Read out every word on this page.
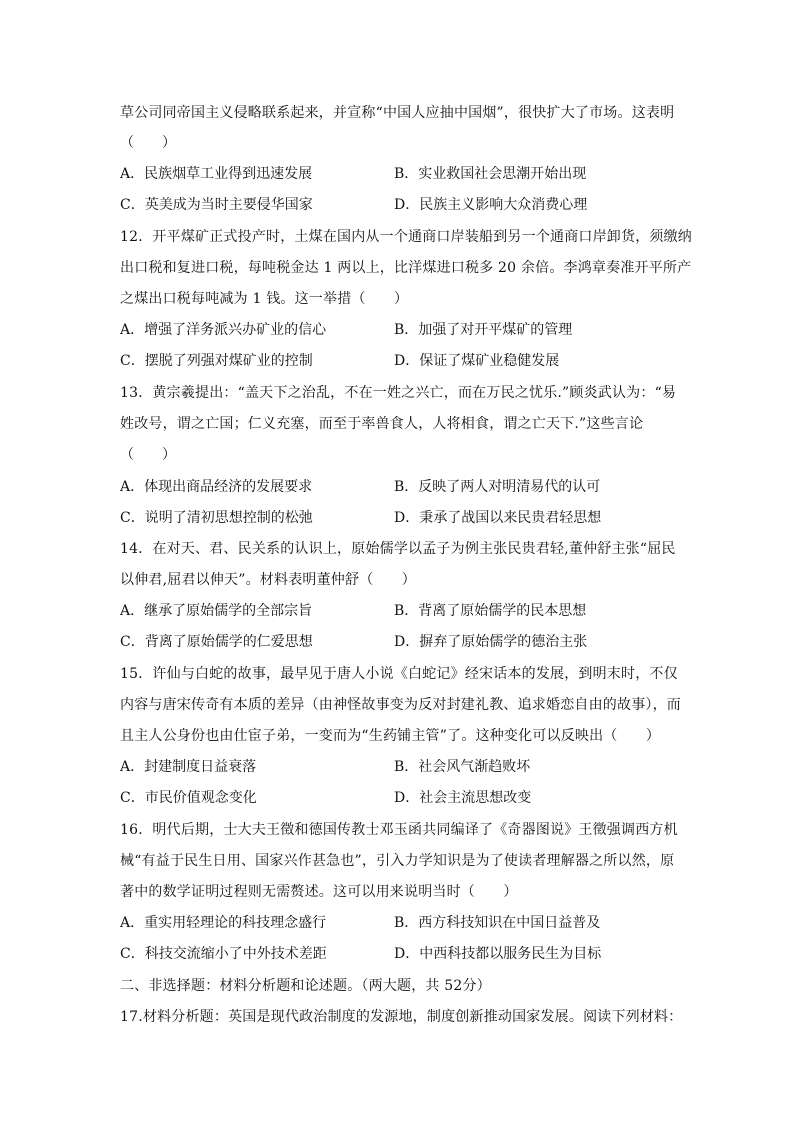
草公司同帝国主义侵略联系起来，并宣称“中国人应抽中国烟”，很快扩大了市场。这表明
（　　）
A．民族烟草工业得到迅速发展	B．实业救国社会思潮开始出现
C．英美成为当时主要侵华国家	D．民族主义影响大众消费心理
12．开平煤矿正式投产时，土煤在国内从一个通商口岸装船到另一个通商口岸卸货，须缴纳
出口税和复进口税，每吨税金达 1 两以上，比洋煤进口税多 20 余倍。李鸿章奏准开平所产
之煤出口税每吨减为 1 钱。这一举措（　　）
A．增强了洋务派兴办矿业的信心	B．加强了对开平煤矿的管理
C．摆脱了列强对煤矿业的控制	D．保证了煤矿业稳健发展
13．黄宗羲提出：“盖天下之治乱，不在一姓之兴亡，而在万民之忧乐.”顾炎武认为：“易
姓改号，谓之亡国；仁义充塞，而至于率兽食人，人将相食，谓之亡天下.”这些言论
（　　）
A．体现出商品经济的发展要求	B．反映了两人对明清易代的认可
C．说明了清初思想控制的松弛	D．秉承了战国以来民贵君轻思想
14．在对天、君、民关系的认识上，原始儒学以孟子为例主张民贵君轻,董仲舒主张“屈民
以伸君,屈君以伸天”。材料表明董仲舒（　　）
A．继承了原始儒学的全部宗旨	B．背离了原始儒学的民本思想
C．背离了原始儒学的仁爱思想	D．摒弃了原始儒学的德治主张
15．许仙与白蛇的故事，最早见于唐人小说《白蛇记》经宋话本的发展，到明末时，不仅
内容与唐宋传奇有本质的差异（由神怪故事变为反对封建礼教、追求婚恋自由的故事），而
且主人公身份也由仕宦子弟，一变而为“生药铺主管”了。这种变化可以反映出（　　）
A．封建制度日益衰落	B．社会风气渐趋败坏
C．市民价值观念变化	D．社会主流思想改变
16．明代后期，士大夫王徵和德国传教士邓玉函共同编译了《奇器图说》王徵强调西方机
械“有益于民生日用、国家兴作甚急也”，引入力学知识是为了使读者理解器之所以然，原
著中的数学证明过程则无需赘述。这可以用来说明当时（　　）
A．重实用轻理论的科技理念盛行	B．西方科技知识在中国日益普及
C．科技交流缩小了中外技术差距	D．中西科技都以服务民生为目标
二、非选择题：材料分析题和论述题。（两大题，共 52分）
17.材料分析题：英国是现代政治制度的发源地，制度创新推动国家发展。阅读下列材料：
